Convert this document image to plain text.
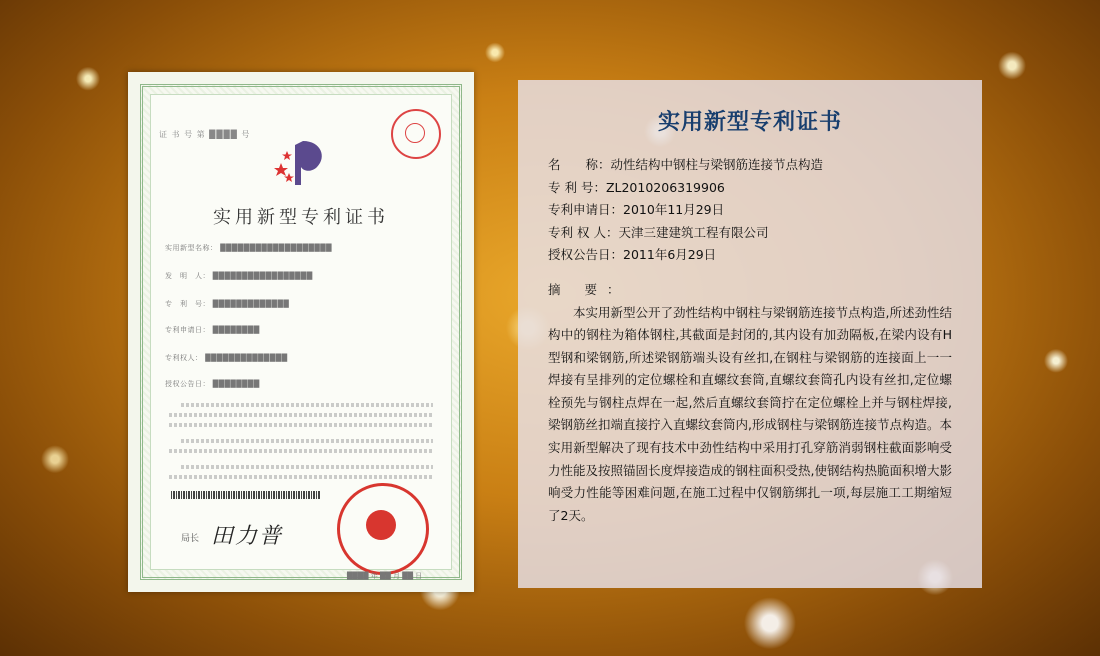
证 书 号 第 ████ 号
实用新型专利证书
实用新型名称： ███████████████████
发　明　人： █████████████████
专　利　号： █████████████
专利申请日： ████████
专利权人： ██████████████
授权公告日： ████████
局长 田力普
████ 年 ██ 月 ██ 日
实用新型专利证书
名　　称：动性结构中钢柱与梁钢筋连接节点构造
专 利 号：ZL2010206319906
专利申请日：2010年11月29日
专利 权 人：天津三建建筑工程有限公司
授权公告日：2011年6月29日
摘 要：
本实用新型公开了劲性结构中钢柱与梁钢筋连接节点构造,所述劲性结构中的钢柱为箱体钢柱,其截面是封闭的,其内设有加劲隔板,在梁内设有H型钢和梁钢筋,所述梁钢筋端头设有丝扣,在钢柱与梁钢筋的连接面上一一焊接有呈排列的定位螺栓和直螺纹套筒,直螺纹套筒孔内设有丝扣,定位螺栓预先与钢柱点焊在一起,然后直螺纹套筒拧在定位螺栓上并与钢柱焊接,梁钢筋丝扣端直接拧入直螺纹套筒内,形成钢柱与梁钢筋连接节点构造。本实用新型解决了现有技术中劲性结构中采用打孔穿筋消弱钢柱截面影响受力性能及按照锚固长度焊接造成的钢柱面积受热,使钢结构热脆面积增大影响受力性能等困难问题,在施工过程中仅钢筋绑扎一项,每层施工工期缩短了2天。
